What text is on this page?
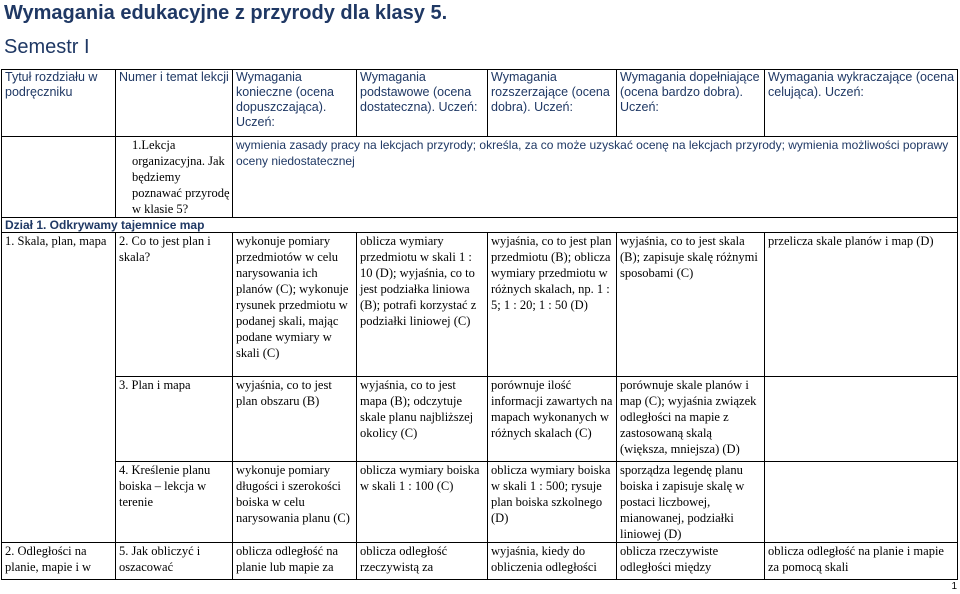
Wymagania edukacyjne z przyrody dla klasy 5.
Semestr I
Tytuł rozdziału w podręczniku	Numer i temat lekcji	Wymagania konieczne (ocena dopuszczająca). Uczeń:	Wymagania podstawowe (ocena dostateczna). Uczeń:	Wymagania rozszerzające (ocena dobra). Uczeń:	Wymagania dopełniające (ocena bardzo dobra). Uczeń:	Wymagania wykraczające (ocena celująca). Uczeń:
	1.Lekcja organizacyjna. Jak będziemy poznawać przyrodę w klasie 5?	wymienia zasady pracy na lekcjach przyrody; określa, za co może uzyskać ocenę na lekcjach przyrody; wymienia możliwości poprawy oceny niedostatecznej				
Dział 1. Odkrywamy tajemnice map						
1. Skala, plan, mapa	2. Co to jest plan i skala?	wykonuje pomiary przedmiotów w celu narysowania ich planów (C); wykonuje rysunek przedmiotu w podanej skali, mając podane wymiary w skali (C)	oblicza wymiary przedmiotu w skali 1 : 10 (D); wyjaśnia, co to jest podziałka liniowa (B); potrafi korzystać z podziałki liniowej (C)	wyjaśnia, co to jest plan przedmiotu (B); oblicza wymiary przedmiotu w różnych skalach, np. 1 : 5; 1 : 20; 1 : 50 (D)	wyjaśnia, co to jest skala (B); zapisuje skalę różnymi sposobami (C)	przelicza skale planów i map (D)
	3. Plan i mapa	wyjaśnia, co to jest plan obszaru (B)	wyjaśnia, co to jest mapa (B); odczytuje skale planu najbliższej okolicy (C)	porównuje ilość informacji zawartych na mapach wykonanych w różnych skalach (C)	porównuje skale planów i map (C); wyjaśnia związek odległości na mapie z zastosowaną skalą (większa, mniejsza) (D)	
	4. Kreślenie planu boiska – lekcja w terenie	wykonuje pomiary długości i szerokości boiska w celu narysowania planu (C)	oblicza wymiary boiska w skali 1 : 100 (C)	oblicza wymiary boiska w skali 1 : 500; rysuje plan boiska szkolnego (D)	sporządza legendę planu boiska i zapisuje skalę w postaci liczbowej, mianowanej, podziałki liniowej (D)	
2. Odległości na planie, mapie i w	5. Jak obliczyć i oszacować	oblicza odległość na planie lub mapie za	oblicza odległość rzeczywistą za	wyjaśnia, kiedy do obliczenia odległości	oblicza rzeczywiste odległości między	oblicza odległość na planie i mapie za pomocą skali
1
